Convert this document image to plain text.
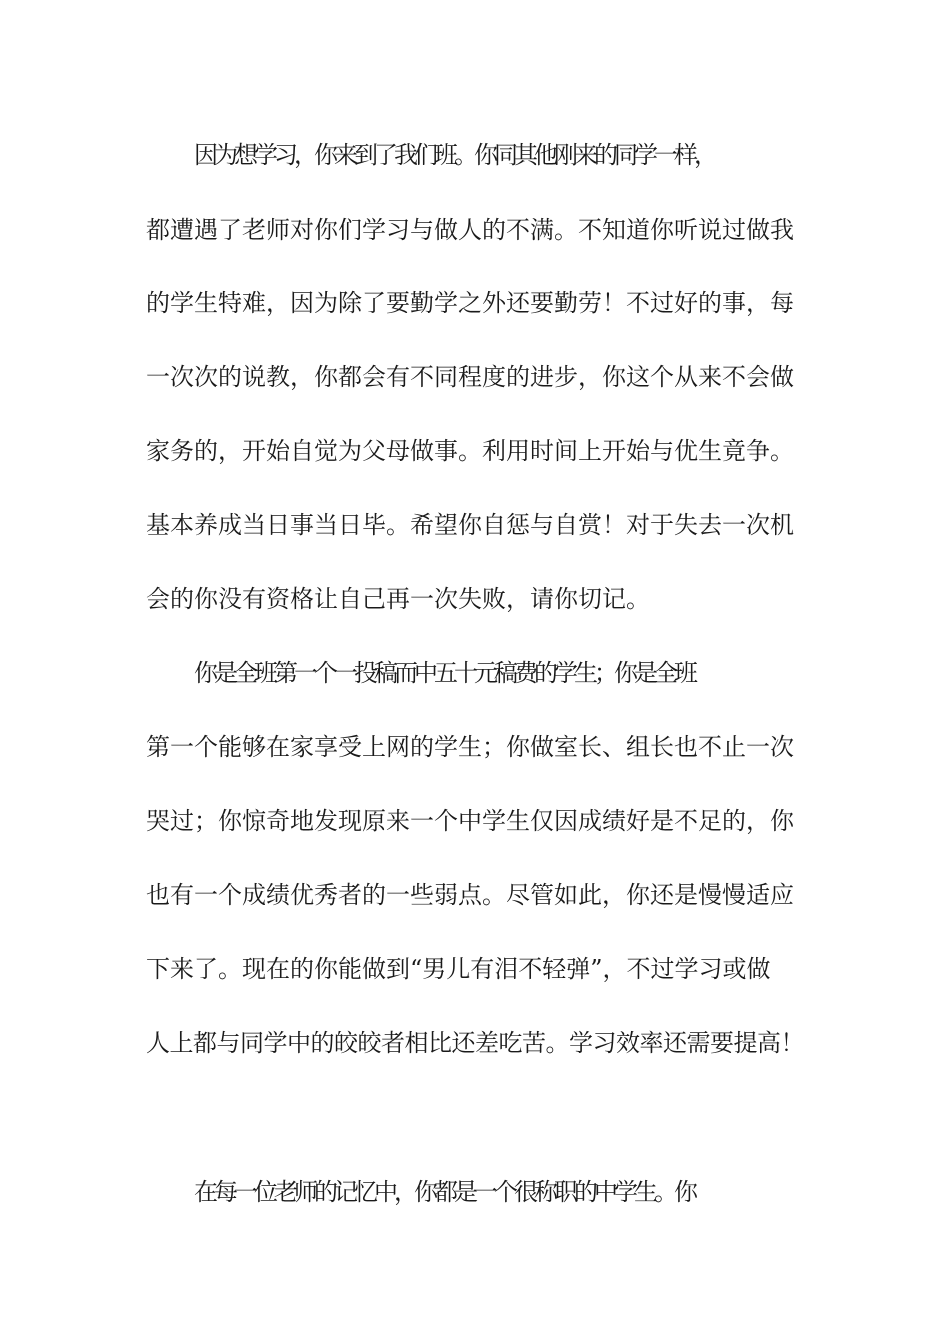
因为想学习，你来到了我们班。你同其他刚来的同学一样，
都遭遇了老师对你们学习与做人的不满。不知道你听说过做我
的学生特难，因为除了要勤学之外还要勤劳！不过好的事，每
一次次的说教，你都会有不同程度的进步，你这个从来不会做
家务的，开始自觉为父母做事。利用时间上开始与优生竟争。
基本养成当日事当日毕。希望你自惩与自赏！对于失去一次机
会的你没有资格让自己再一次失败，请你切记。
你是全班第一个一投稿而中五十元稿费的学生；你是全班
第一个能够在家享受上网的学生；你做室长、组长也不止一次
哭过；你惊奇地发现原来一个中学生仅因成绩好是不足的，你
也有一个成绩优秀者的一些弱点。尽管如此，你还是慢慢适应
下来了。现在的你能做到“男儿有泪不轻弹”，不过学习或做
人上都与同学中的皎皎者相比还差吃苦。学习效率还需要提高！
在每一位老师的记忆中，你都是一个很称职的中学生。你
